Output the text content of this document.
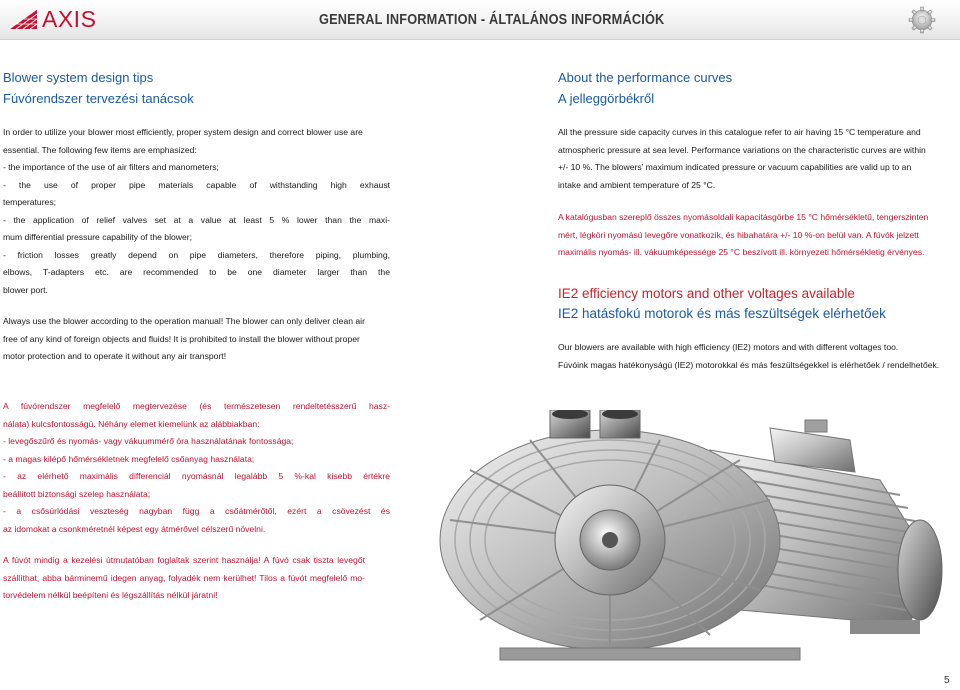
AXIS	GENERAL INFORMATION - ÁLTALÁNOS INFORMÁCIÓK
Blower system design tips
Fúvórendszer tervezési tanácsok
In order to utilize your blower most efficiently, proper system design and correct blower use are
essential. The following few items are emphasized:
- the importance of the use of air filters and manometers;
- the use of proper pipe materials capable of withstanding high exhaust
temperatures;
- the application of relief valves set at a value at least 5 % lower than the maxi-
mum differential pressure capability of the blower;
- friction losses greatly depend on pipe diameters, therefore piping, plumbing,
elbows, T-adapters etc. are recommended to be one diameter larger than the
blower port.
Always use the blower according to the operation manual! The blower can only deliver clean air
free of any kind of foreign objects and fluids! It is prohibited to install the blower without proper
motor protection and to operate it without any air transport!
A fúvórendszer megfelelő megtervezése (és természetesen rendeltetésszerű hasz-
nálata) kulcsfontosságú. Néhány elemet kiemelünk az alábbiakban:
- levegőszűrő és nyomás- vagy vákuummérő óra használatának fontossága;
- a magas kilépő hőmérsékletnek megfelelő csőanyag használata;
- az elérhető maximális differenciál nyomásnál legalább 5 %-kal kisebb értékre
beállított biztonsági szelep használata;
- a csősúrlódási veszteség nagyban függ a csőátmérőtől, ezért a csövezést és
az idomokat a csonkméretnél képest egy átmérővel célszerű növelni.
A fúvót mindig a kezelési útmutatóban foglaltak szerint használja! A fúvó csak tiszta levegőt
szállíthat, abba bárminemű idegen anyag, folyadék nem kerülhet! Tilos a fúvót megfelelő mo-
torvédelem nélkül beépíteni és légszállítás nélkül járatni!
About the performance curves
A jelleggörbékről
All the pressure side capacity curves in this catalogue refer to air having 15 °C temperature and
atmospheric pressure at sea level. Performance variations on the characteristic curves are within
+/- 10 %. The blowers’ maximum indicated pressure or vacuum capabilities are valid up to an
intake and ambient temperature of 25 °C.
A katalógusban szereplő összes nyomásoldali kapacitásgörbe 15 °C hőmérsékletű, tengerszinten
mért, légköri nyomású levegőre vonatkozik, és hibahatára +/- 10 %-on belül van. A fúvók jelzett
maximális nyomás- ill. vákuumképessége 25 °C beszívott ill. környezeti hőmérsékletig érvényes.
IE2 efficiency motors and other voltages available
IE2 hatásfokú motorok és más feszültségek elérhetőek
Our blowers are available with high efficiency (IE2) motors and with different voltages too.
Fúvóink magas hatékonyságú (IE2) motorokkal és más feszültségekkel is elérhetőek / rendelhetőek.
5
